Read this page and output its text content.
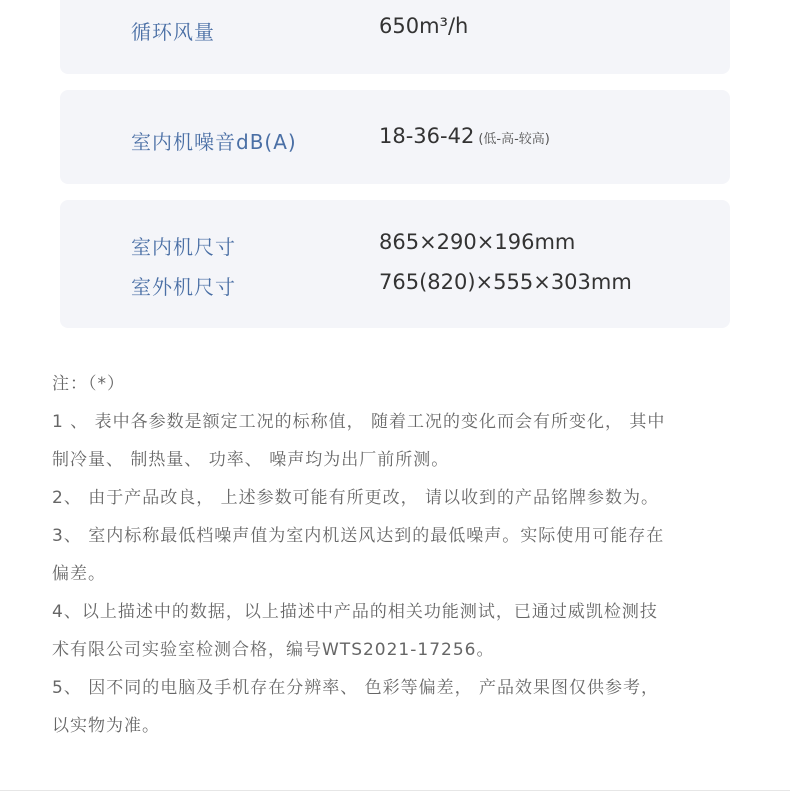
循环风量	650m³/h
室内机噪音dB(A)	18-36-42 (低-高-较高)
室内机尺寸	865×290×196mm
室外机尺寸	765(820)×555×303mm
注：（*）
1 、 表中各参数是额定工况的标称值， 随着工况的变化而会有所变化， 其中
制冷量、 制热量、 功率、 噪声均为出厂前所测。
2、 由于产品改良， 上述参数可能有所更改， 请以收到的产品铭牌参数为。
3、 室内标称最低档噪声值为室内机送风达到的最低噪声。实际使用可能存在
偏差。
4、以上描述中的数据，以上描述中产品的相关功能测试，已通过威凯检测技
术有限公司实验室检测合格，编号WTS2021-17256。
5、 因不同的电脑及手机存在分辨率、 色彩等偏差， 产品效果图仅供参考，
以实物为准。
